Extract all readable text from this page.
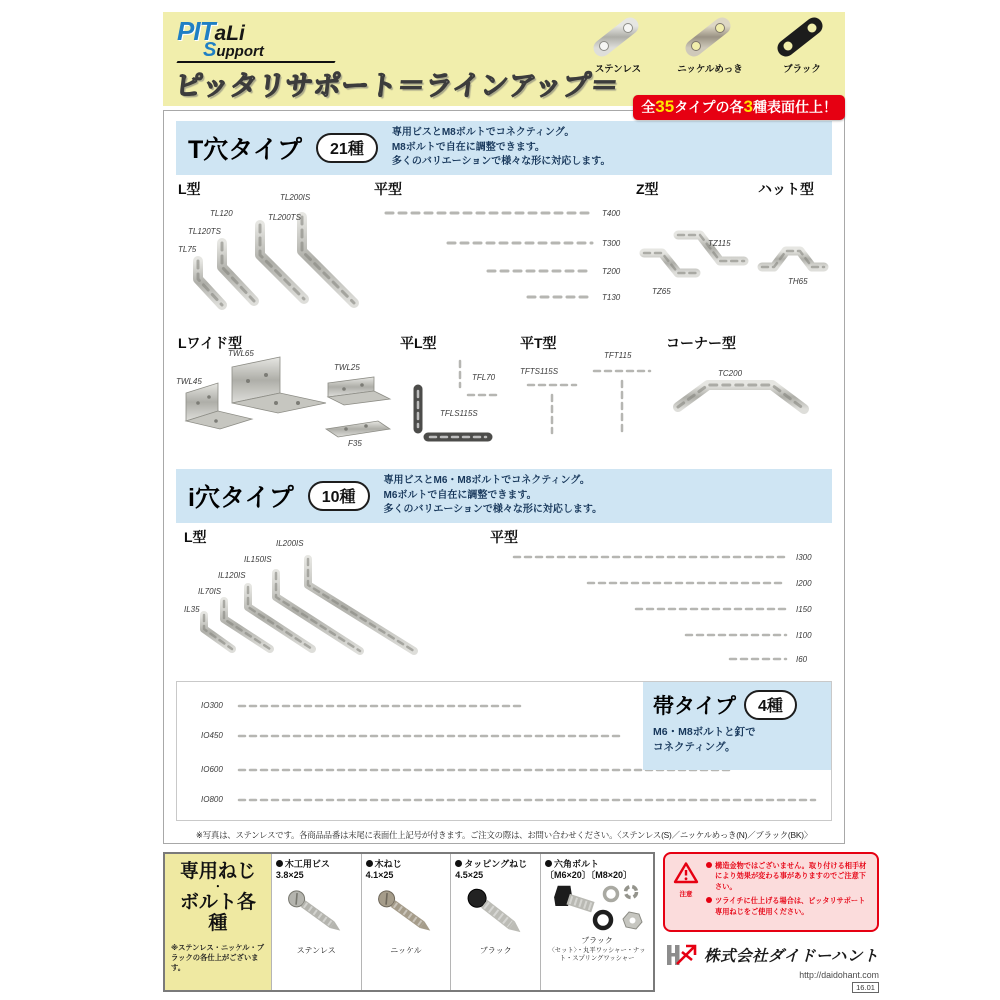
PITaLi
Support
ピッタリサポート＝ラインアップ＝
ステンレス	ニッケルめっき	ブラック
全35タイプの各3種表面仕上！
T穴タイプ	21種
専用ビスとM8ボルトでコネクティング。
M8ボルトで自在に調整できます。
多くのバリエーションで様々な形に対応します。
L型
TL75
TL120TS
TL120	TL200TS
TL200IS
平型
T400
T300
T200
T130
Z型
TZ65
TZ115
ハット型
TH65
Lワイド型
TWL45
TWL65
TWL25
F35
平L型
TFL70
TFLS115S
平T型
TFTS115S
TFT115
コーナー型
TC200
i穴タイプ	10種
専用ビスとM6・M8ボルトでコネクティング。
M6ボルトで自在に調整できます。
多くのバリエーションで様々な形に対応します。
L型
IL35
IL70IS
IL120IS
IL150IS
IL200IS	平型
I300
I200
I150
I100
I60
IO300
IO450
IO600
IO800
帯タイプ	4種
M6・M8ボルトと釘で
コネクティング。
※写真は、ステンレスです。各商品品番は末尾に表面仕上記号が付きます。ご注文の際は、お問い合わせください。〈ステンレス(S)／ニッケルめっき(N)／ブラック(BK)〉
専用ねじ
・
ボルト各種
※ステンレス・ニッケル・ブラックの各仕上がございます。
木工用ビス
3.8×25
ステンレス
木ねじ
4.1×25
ニッケル
タッピングねじ 4.5×25
ブラック
六角ボルト
〔M6×20〕〔M8×20〕
ブラック
〈セット〉・丸平ワッシャー・ナット・スプリングワッシャー
注意
構造金物ではございません。取り付ける相手材により効果が変わる事がありますのでご注意下さい。
ツライチに仕上げる場合は、ピッタリサポート専用ねじをご使用ください。
株式会社ダイドーハント
http://daidohant.com
16.01
